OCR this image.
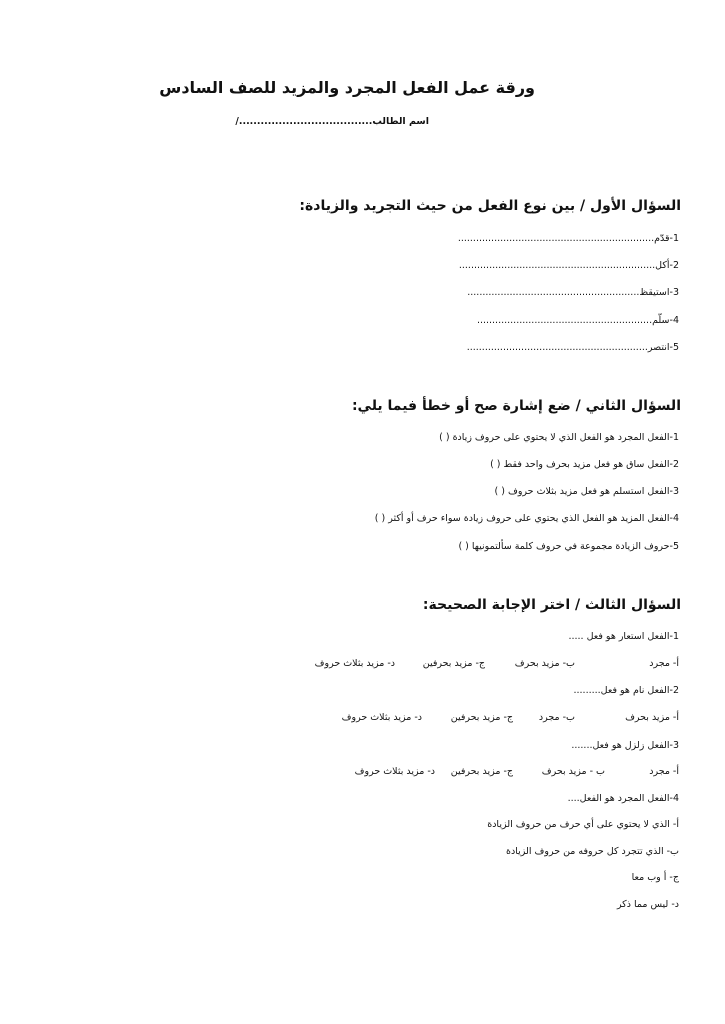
ورقة عمل الفعل المجرد والمزيد للصف السادس
اسم الطالب...................................../
السؤال الأول / بين نوع الفعل من حيث التجريد والزيادة:
1-قدّم.................................................................
2-أكل.................................................................
3-استيقظ.........................................................
4-سلّم..........................................................
5-انتصر............................................................
السؤال الثاني / ضع إشارة صح أو خطأ فيما يلي:
1-الفعل المجرد هو الفعل الذي لا يحتوي على حروف زيادة ( )
2-الفعل ساق هو فعل مزيد بحرف واحد فقط ( )
3-الفعل استسلم هو فعل مزيد بثلاث حروف ( )
4-الفعل المزيد هو الفعل الذي يحتوي على حروف زيادة سواء حرف أو أكثر ( )
5-حروف الزيادة مجموعة في حروف كلمة سألتمونيها ( )
السؤال الثالث / اختر الإجابة الصحيحة:
1-الفعل استعار هو فعل .....
أ- مجرد
ب- مزيد بحرف
ج- مزيد بحرفين
د- مزيد بثلاث حروف
2-الفعل نام هو فعل.........
أ- مزيد بحرف
ب- مجرد
ج- مزيد بحرفين
د- مزيد بثلاث حروف
3-الفعل زلزل هو فعل.......
أ- مجرد
ب - مزيد بحرف
ج- مزيد بحرفين
د- مزيد بثلاث حروف
4-الفعل المجرد هو الفعل....
أ- الذي لا يحتوي على أي حرف من حروف الزيادة
ب- الذي تتجرد كل حروفه من حروف الزيادة
ج- أ وب معا
د- ليس مما ذكر
